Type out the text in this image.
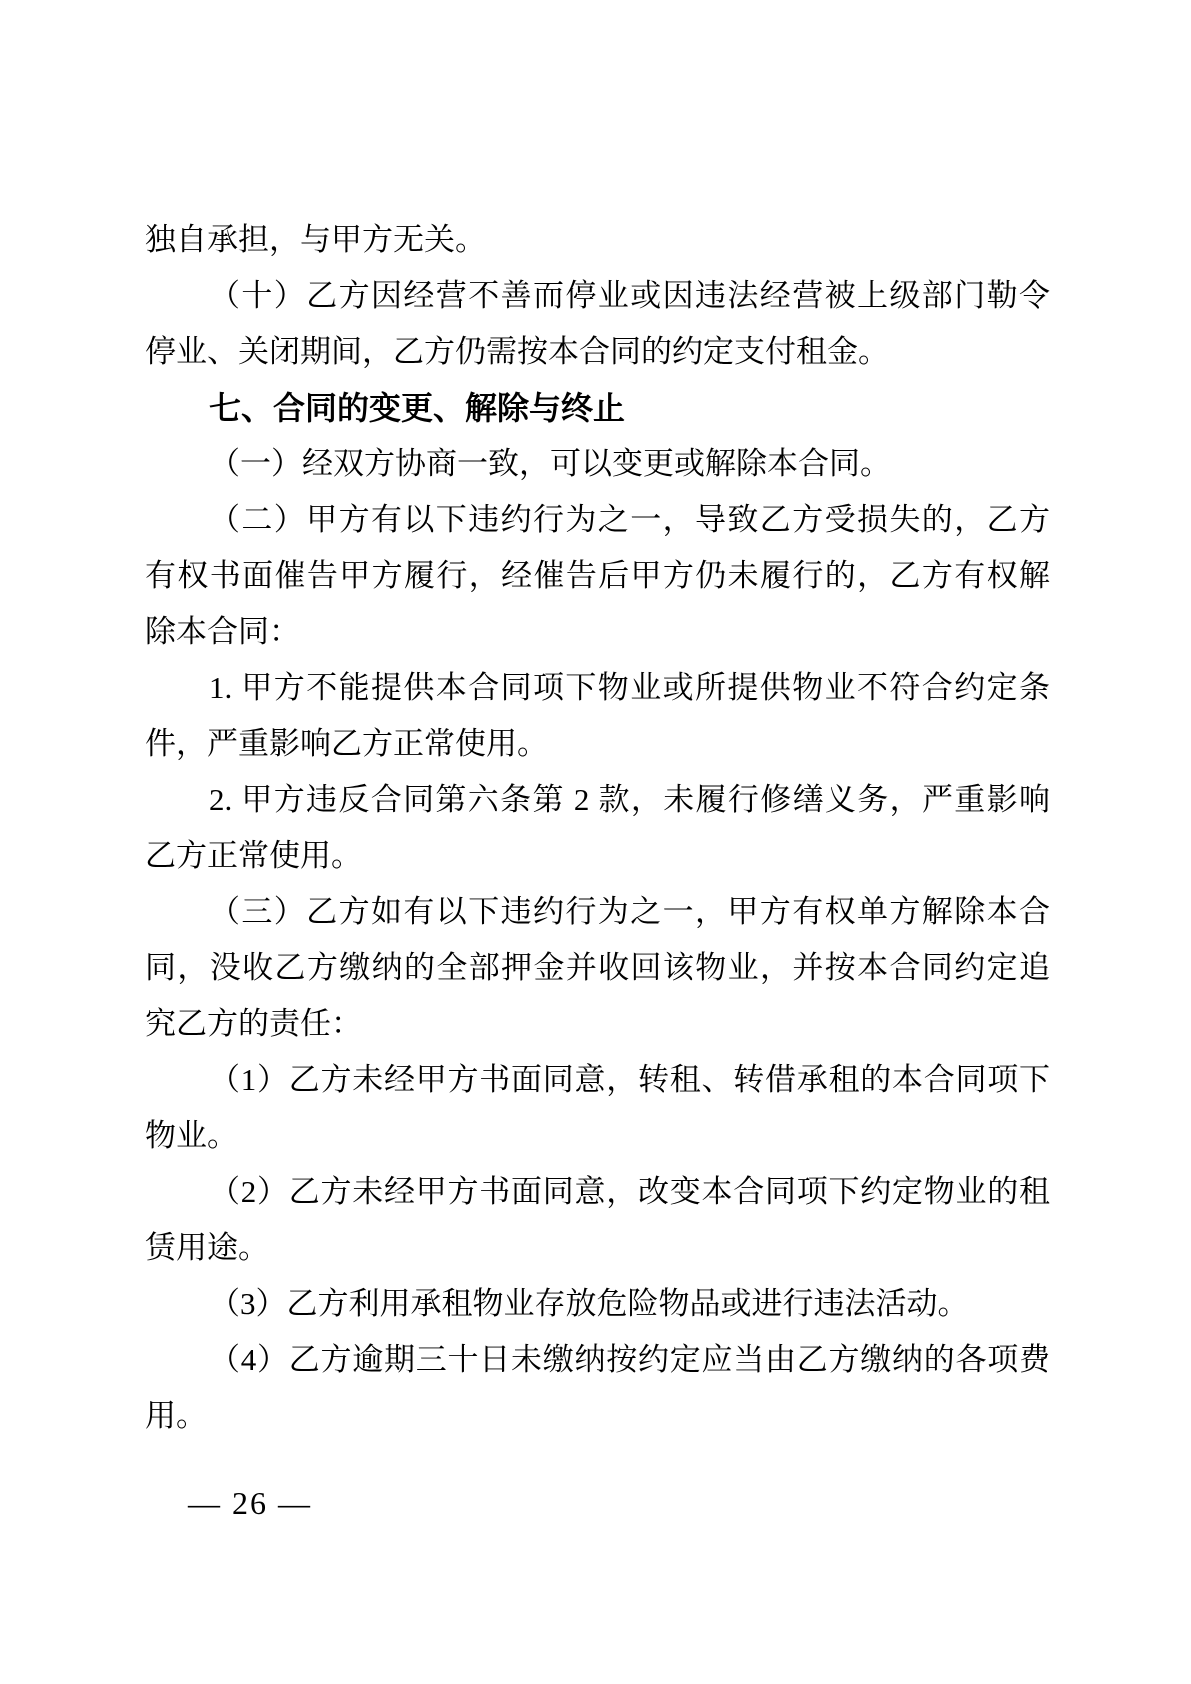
独自承担，与甲方无关。
（十）乙方因经营不善而停业或因违法经营被上级部门勒令
停业、关闭期间，乙方仍需按本合同的约定支付租金。
七、合同的变更、解除与终止
（一）经双方协商一致，可以变更或解除本合同。
（二）甲方有以下违约行为之一，导致乙方受损失的，乙方
有权书面催告甲方履行，经催告后甲方仍未履行的，乙方有权解
除本合同：
1. 甲方不能提供本合同项下物业或所提供物业不符合约定条
件，严重影响乙方正常使用。
2. 甲方违反合同第六条第 2 款，未履行修缮义务，严重影响
乙方正常使用。
（三）乙方如有以下违约行为之一，甲方有权单方解除本合
同，没收乙方缴纳的全部押金并收回该物业，并按本合同约定追
究乙方的责任：
（1）乙方未经甲方书面同意，转租、转借承租的本合同项下
物业。
（2）乙方未经甲方书面同意，改变本合同项下约定物业的租
赁用途。
（3）乙方利用承租物业存放危险物品或进行违法活动。
（4）乙方逾期三十日未缴纳按约定应当由乙方缴纳的各项费
用。
— 26 —
